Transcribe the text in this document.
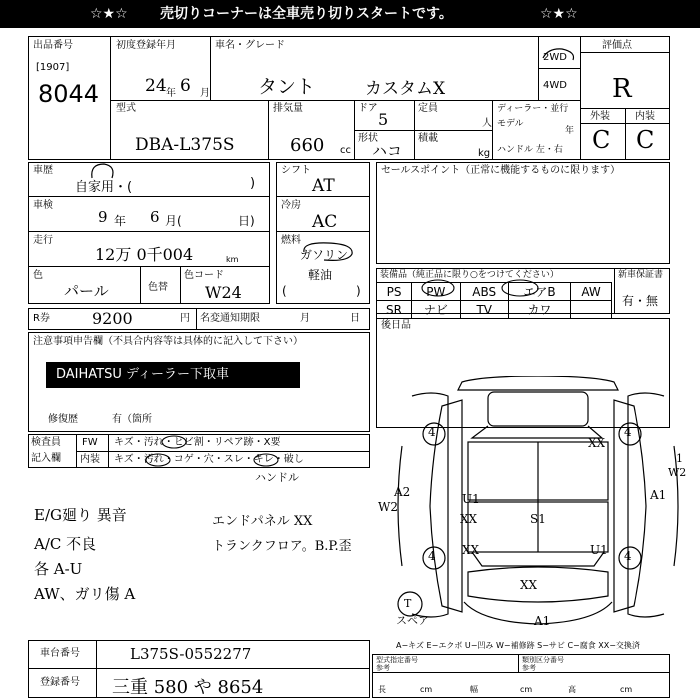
☆★☆ 売切りコーナーは全車売り切りスタートです。	☆★☆
出品番号
[1907]
8044
初度登録年月
24 年 6 月
車名・グレード
タント	カスタムX
2WD
4WD
型式
DBA-L375S
排気量
660 cc
ドア
5
形状
ハコ
定員
人
積載
kg
ディーラー・並行
モデル
年
ハンドル 左・右
評価点
R
外装	内装
C C
車歴
自家用・(	)
車検
9 年 6 月(	日)
走行
12万 0千004	km
色
パール	色替
色コード
W24
シフト
AT
冷房
AC
燃料
ガソリン
軽油
(	)
セールスポイント（正常に機能するものに限ります）
装備品（純正品に限り○をつけてください）
PS	PW	ABS	エアB	AW
SR	ナビ	TV	カワ	
新車保証書
有・無
R券	9200	円 名変通知期限	月	日
後日品
注意事項申告欄（不具合内容等は具体的に記入して下さい）
DAIHATSU ディーラー下取車
修復歴	有（箇所
検査員
記入欄
FW キズ・汚れ・ヒビ割・リペア跡・X要
内装 キズ・汚れ・コゲ・穴・スレ・キレ・破し
ハンドル
E/G廻り 異音
A/C 不良
各 A-U
AW、ガリ傷 A
エンドパネル XX
トランクフロア。B.P.歪
4	4
4	4
T
スペア
XX
A2
W2
1
W2
A1
U1
XX	S1
XX	U1
XX
A1
A−キズ E−エクボ U−凹み W−補修跡 S−サビ C−腐食 XX−交換済
車台番号	L375S-0552277
登録番号 三重 580 や 8654
型式指定番号
参考
類別区分番号
参考
長	cm	幅	cm	高	cm
